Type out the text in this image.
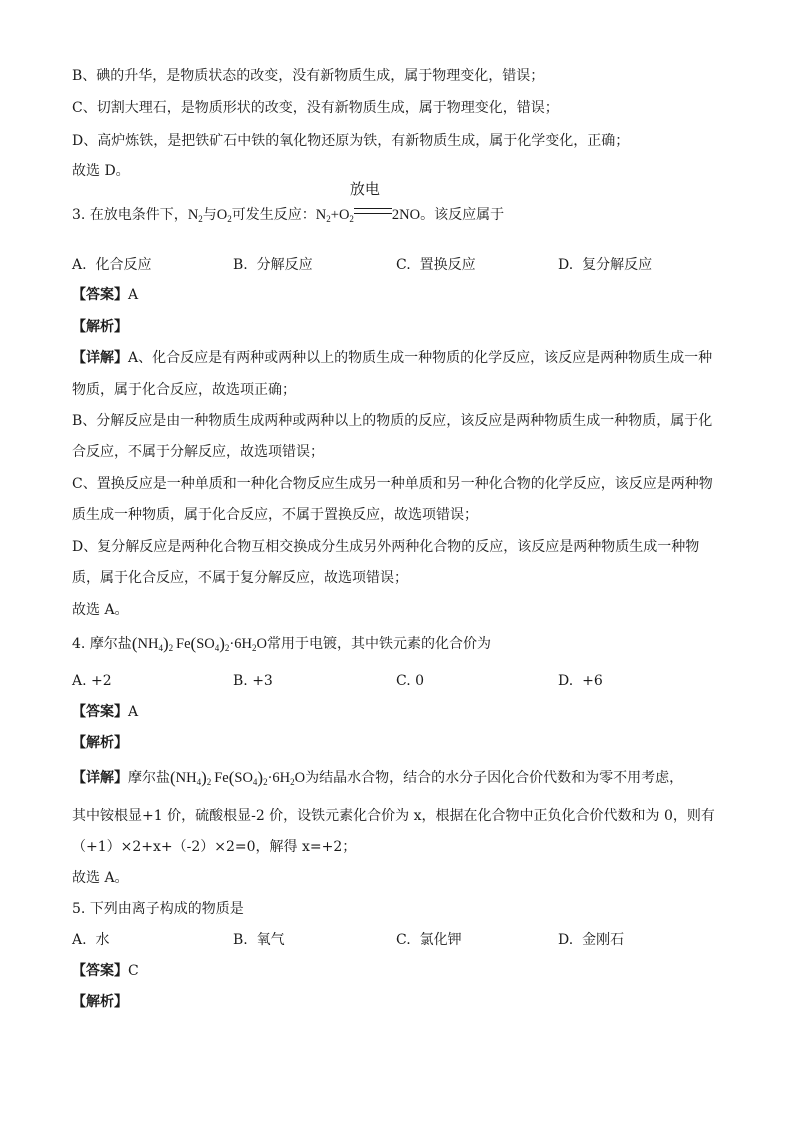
B、碘的升华，是物质状态的改变，没有新物质生成，属于物理变化，错误；
C、切割大理石，是物质形状的改变，没有新物质生成，属于物理变化，错误；
D、高炉炼铁，是把铁矿石中铁的氧化物还原为铁，有新物质生成，属于化学变化，正确；
故选 D。
3. 在放电条件下，$N_2$与$O_2$可发生反应：$N_2+O_2$
放电
2NO。该反应属于
A. 化合反应	B. 分解反应	C. 置换反应	D. 复分解反应
【答案】A
【解析】
【详解】A、化合反应是有两种或两种以上的物质生成一种物质的化学反应，该反应是两种物质生成一种
物质，属于化合反应，故选项正确；
B、分解反应是由一种物质生成两种或两种以上的物质的反应，该反应是两种物质生成一种物质，属于化
合反应，不属于分解反应，故选项错误；
C、置换反应是一种单质和一种化合物反应生成另一种单质和另一种化合物的化学反应，该反应是两种物
质生成一种物质，属于化合反应，不属于置换反应，故选项错误；
D、复分解反应是两种化合物互相交换成分生成另外两种化合物的反应，该反应是两种物质生成一种物
质，属于化合反应，不属于复分解反应，故选项错误；
故选 A。
4. 摩尔盐$(NH_4)_2$ $Fe(SO_4)_2\cdot 6H_2O$常用于电镀，其中铁元素的化合价为
A. +2	B. +3	C. 0	D. +6
【答案】A
【解析】
【详解】摩尔盐$(NH_4)_2$ $Fe(SO_4)_2\cdot 6H_2O$为结晶水合物，结合的水分子因化合价代数和为零不用考虑，
其中铵根显+1 价，硫酸根显-2 价，设铁元素化合价为 x，根据在化合物中正负化合价代数和为 0，则有
（+1）×2+x+（-2）×2=0，解得 x=+2；
故选 A。
5. 下列由离子构成的物质是
A. 水	B. 氧气	C. 氯化钾	D. 金刚石
【答案】C
【解析】
